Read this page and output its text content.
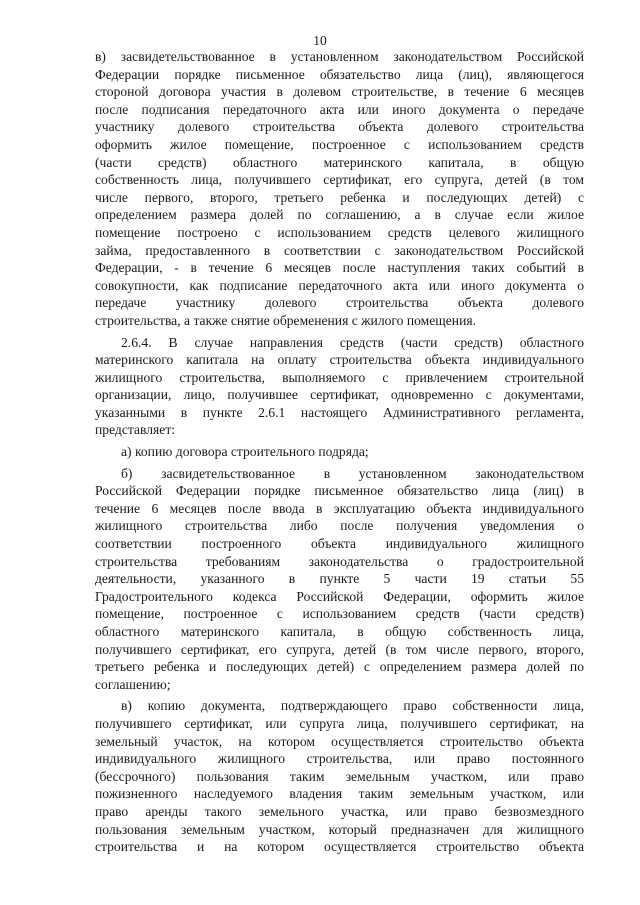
10
в) засвидетельствованное в установленном законодательством Российской
Федерации порядке письменное обязательство лица (лиц), являющегося
стороной договора участия в долевом строительстве, в течение 6 месяцев
после подписания передаточного акта или иного документа о передаче
участнику долевого строительства объекта долевого строительства
оформить жилое помещение, построенное с использованием средств
(части средств) областного материнского капитала, в общую
собственность лица, получившего сертификат, его супруга, детей (в том
числе первого, второго, третьего ребенка и последующих детей) с
определением размера долей по соглашению, а в случае если жилое
помещение построено с использованием средств целевого жилищного
займа, предоставленного в соответствии с законодательством Российской
Федерации, - в течение 6 месяцев после наступления таких событий в
совокупности, как подписание передаточного акта или иного документа о
передаче участнику долевого строительства объекта долевого
строительства, а также снятие обременения с жилого помещения.
2.6.4. В случае направления средств (части средств) областного
материнского капитала на оплату строительства объекта индивидуального
жилищного строительства, выполняемого с привлечением строительной
организации, лицо, получившее сертификат, одновременно с документами,
указанными в пункте 2.6.1 настоящего Административного регламента,
представляет:
а) копию договора строительного подряда;
б) засвидетельствованное в установленном законодательством
Российской Федерации порядке письменное обязательство лица (лиц) в
течение 6 месяцев после ввода в эксплуатацию объекта индивидуального
жилищного строительства либо после получения уведомления о
соответствии построенного объекта индивидуального жилищного
строительства требованиям законодательства о градостроительной
деятельности, указанного в пункте 5 части 19 статьи 55
Градостроительного кодекса Российской Федерации, оформить жилое
помещение, построенное с использованием средств (части средств)
областного материнского капитала, в общую собственность лица,
получившего сертификат, его супруга, детей (в том числе первого, второго,
третьего ребенка и последующих детей) с определением размера долей по
соглашению;
в) копию документа, подтверждающего право собственности лица,
получившего сертификат, или супруга лица, получившего сертификат, на
земельный участок, на котором осуществляется строительство объекта
индивидуального жилищного строительства, или право постоянного
(бессрочного) пользования таким земельным участком, или право
пожизненного наследуемого владения таким земельным участком, или
право аренды такого земельного участка, или право безвозмездного
пользования земельным участком, который предназначен для жилищного
строительства и на котором осуществляется строительство объекта
